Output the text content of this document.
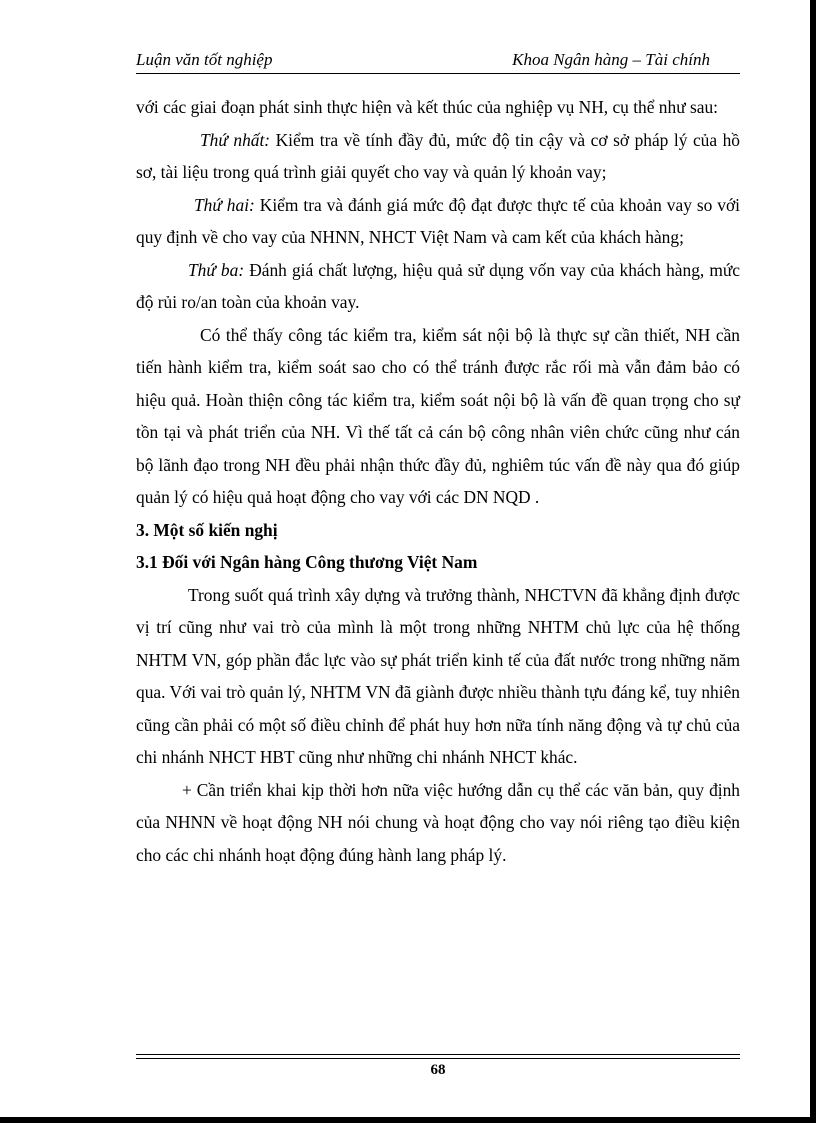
Luận văn tốt nghiệp	Khoa Ngân hàng – Tài chính

với các giai đoạn phát sinh thực hiện và kết thúc của nghiệp vụ NH, cụ thể như sau:

Thứ nhất: Kiểm tra về tính đầy đủ, mức độ tin cậy và cơ sở pháp lý của hồ sơ, tài liệu trong quá trình giải quyết cho vay và quản lý khoản vay;

Thứ hai: Kiểm tra và đánh giá mức độ đạt được thực tế của khoản vay so với quy định về cho vay của NHNN, NHCT Việt Nam và cam kết của khách hàng;

Thứ ba: Đánh giá chất lượng, hiệu quả sử dụng vốn vay của khách hàng, mức độ rủi ro/an toàn của khoản vay.

Có thể thấy công tác kiểm tra, kiểm sát nội bộ là thực sự cần thiết, NH cần tiến hành kiểm tra, kiểm soát sao cho có thể tránh được rắc rối mà vẫn đảm bảo có hiệu quả. Hoàn thiện công tác kiểm tra, kiểm soát nội bộ là vấn đề quan trọng cho sự tồn tại và phát triển của NH. Vì thế tất cả cán bộ công nhân viên chức cũng như cán bộ lãnh đạo trong NH đều phải nhận thức đầy đủ, nghiêm túc vấn đề này qua đó giúp quản lý có hiệu quả hoạt động cho vay với các DN NQD .

3. Một số kiến nghị

3.1 Đối với Ngân hàng Công thương Việt Nam

Trong suốt quá trình xây dựng và trưởng thành, NHCTVN đã khẳng định được vị trí cũng như vai trò của mình là một trong những NHTM chủ lực của hệ thống NHTM VN, góp phần đắc lực vào sự phát triển kinh tế của đất nước trong những năm qua. Với vai trò quản lý, NHTM VN đã giành được nhiều thành tựu đáng kể, tuy nhiên cũng cần phải có một số điều chỉnh để phát huy hơn nữa tính năng động và tự chủ của chi nhánh NHCT HBT cũng như những chi nhánh NHCT khác.

+ Cần triển khai kịp thời hơn nữa việc hướng dẫn cụ thể các văn bản, quy định của NHNN về hoạt động NH nói chung và hoạt động cho vay nói riêng tạo điều kiện cho các chi nhánh hoạt động đúng hành lang pháp lý.

68
